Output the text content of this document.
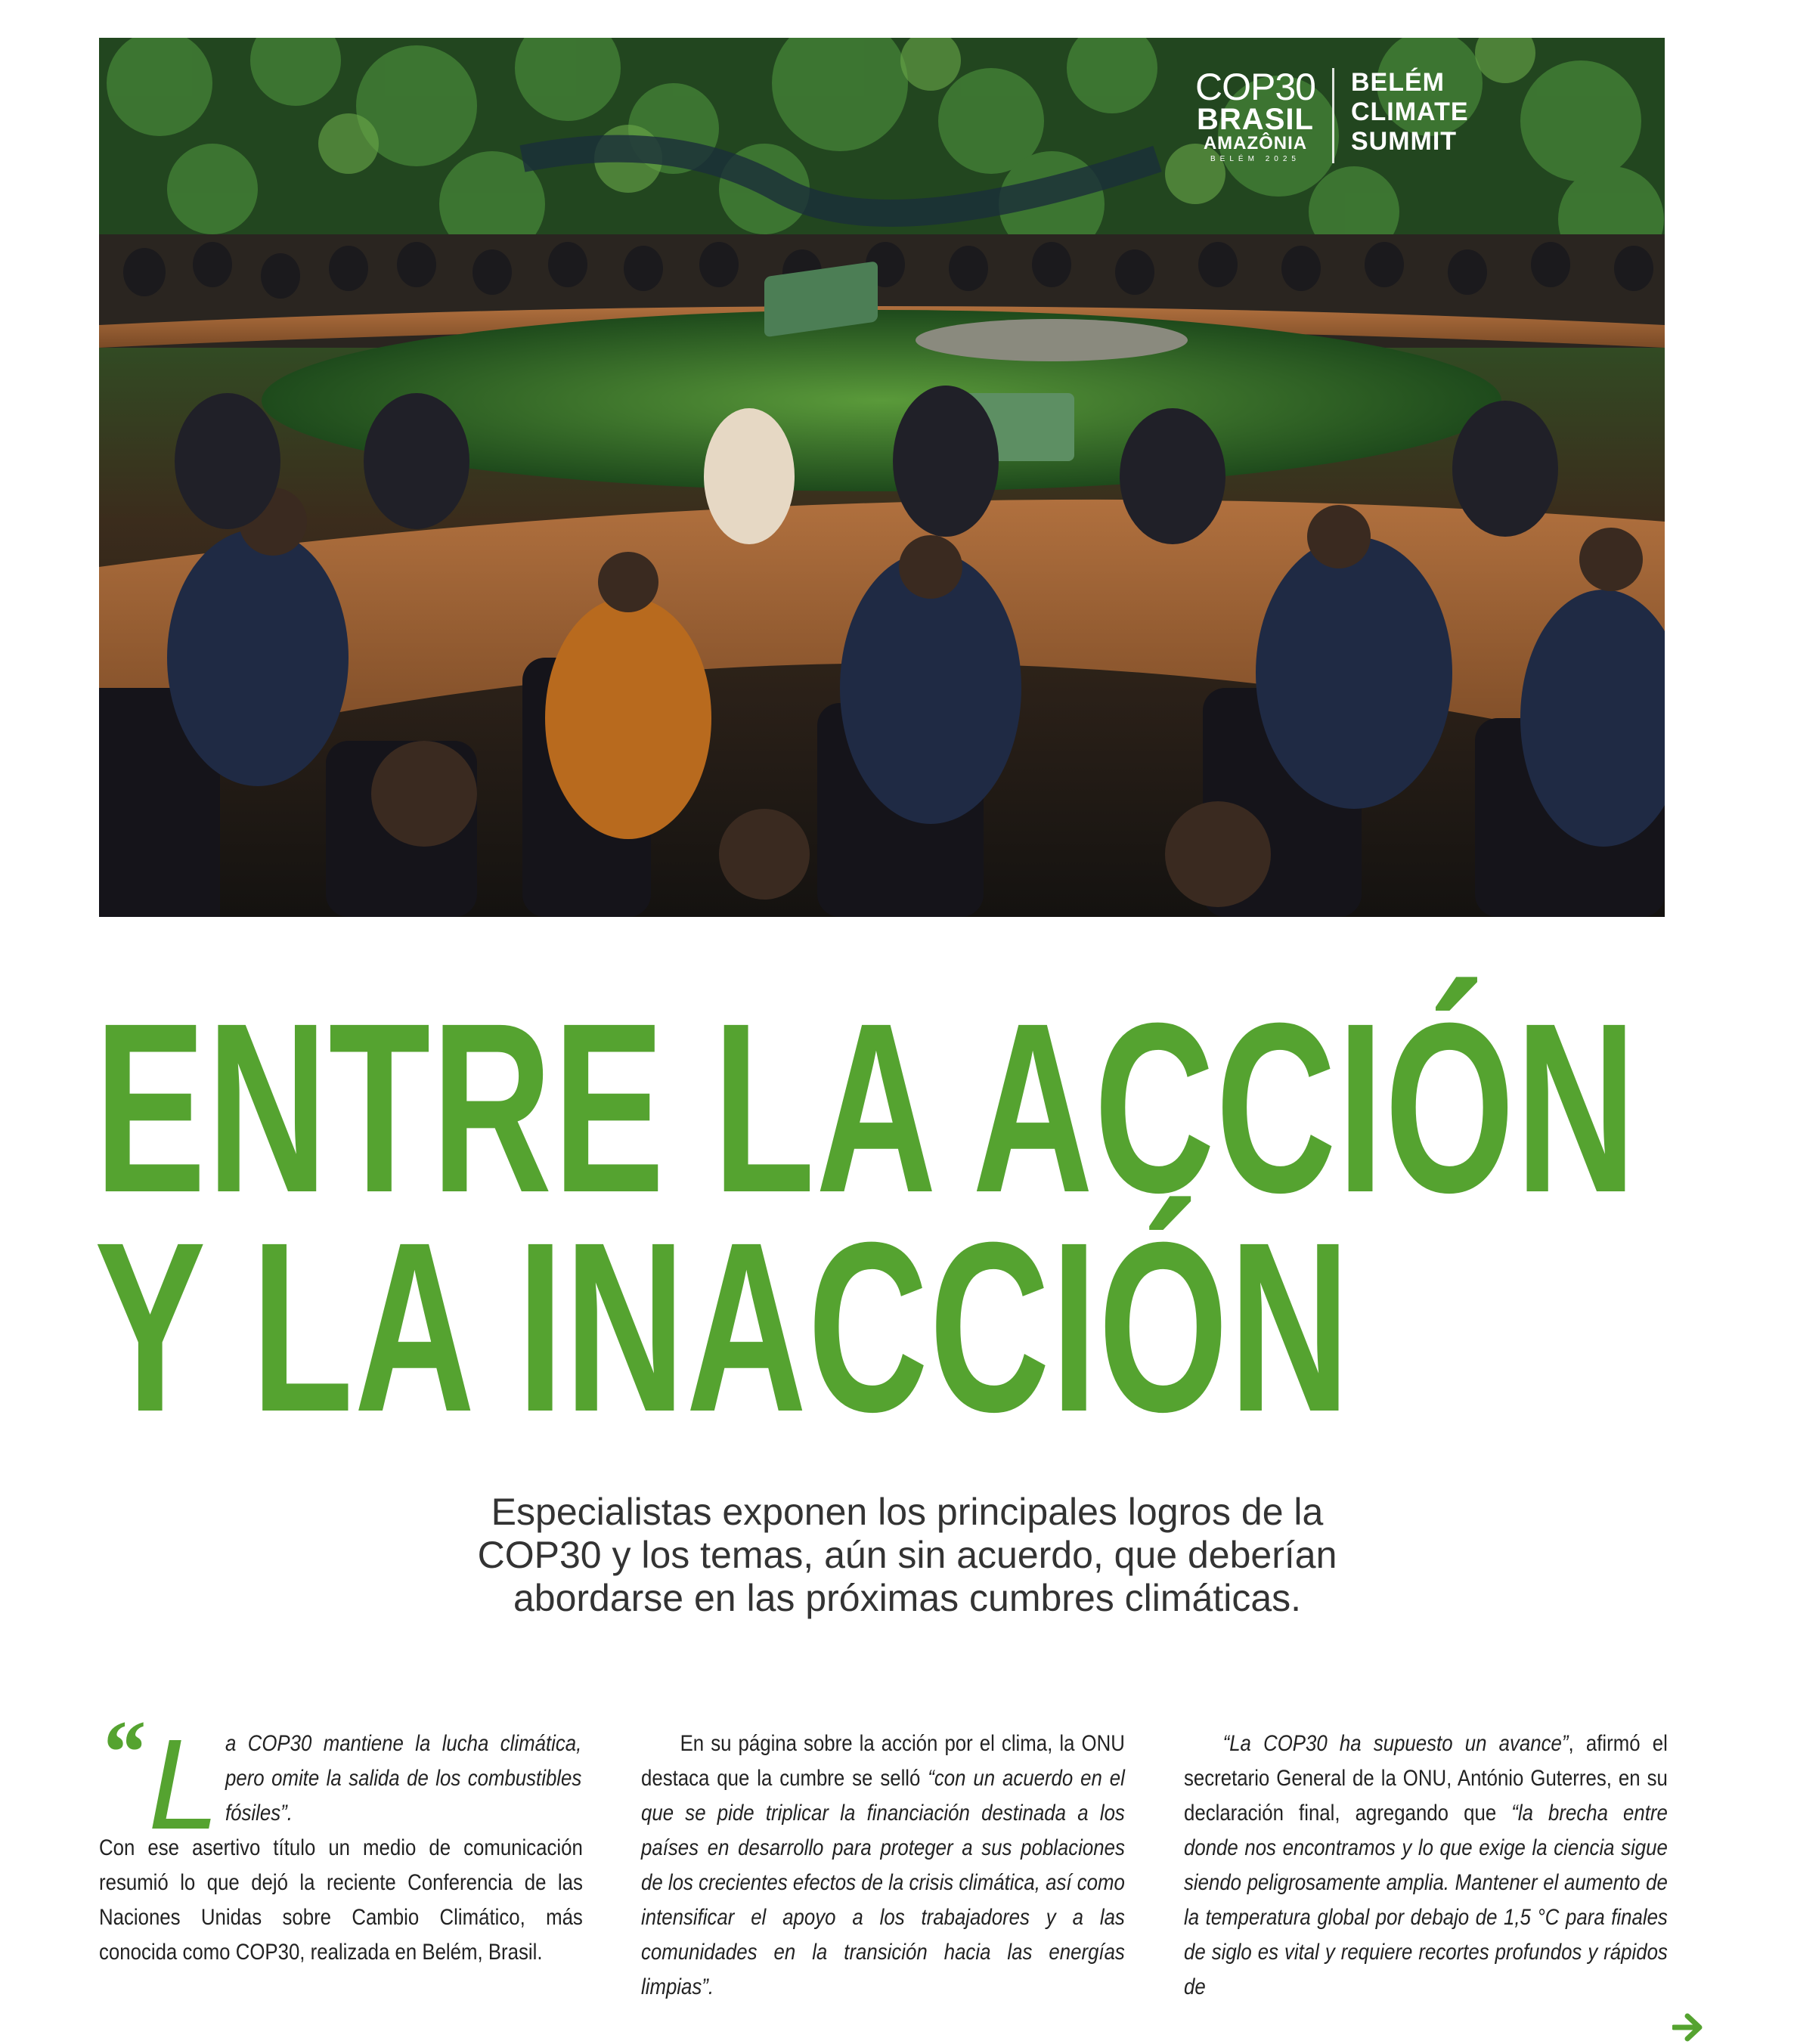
COP30
BRASIL
AMAZÔNIA
BELÉM 2025
BELÉM
CLIMATE
SUMMIT
ENTRE LA ACCIÓN
Y LA INACCIÓN

Especialistas exponen los principales logros de la
COP30 y los temas, aún sin acuerdo, que deberían
abordarse en las próximas cumbres climáticas.

“ L a COP30 mantiene la lucha climática, pero omite la salida de los combustibles fósiles”.
Con ese asertivo título un medio de comunicación resumió lo que dejó la reciente Conferencia de las Naciones Unidas sobre Cambio Climático, más conocida como COP30, realizada en Belém, Brasil.
En su página sobre la acción por el clima, la ONU destaca que la cumbre se selló “con un acuerdo en el que se pide triplicar la financiación destinada a los países en desarrollo para proteger a sus poblaciones de los crecientes efectos de la crisis climática, así como intensificar el apoyo a los trabajadores y a las comunidades en la transición hacia las energías limpias”.
“La COP30 ha supuesto un avance”, afirmó el secretario General de la ONU, António Guterres, en su declaración final, agregando que “la brecha entre donde nos encontramos y lo que exige la ciencia sigue siendo peligrosamente amplia. Mantener el aumento de la temperatura global por debajo de 1,5 °C para finales de siglo es vital y requiere recortes profundos y rápidos de
